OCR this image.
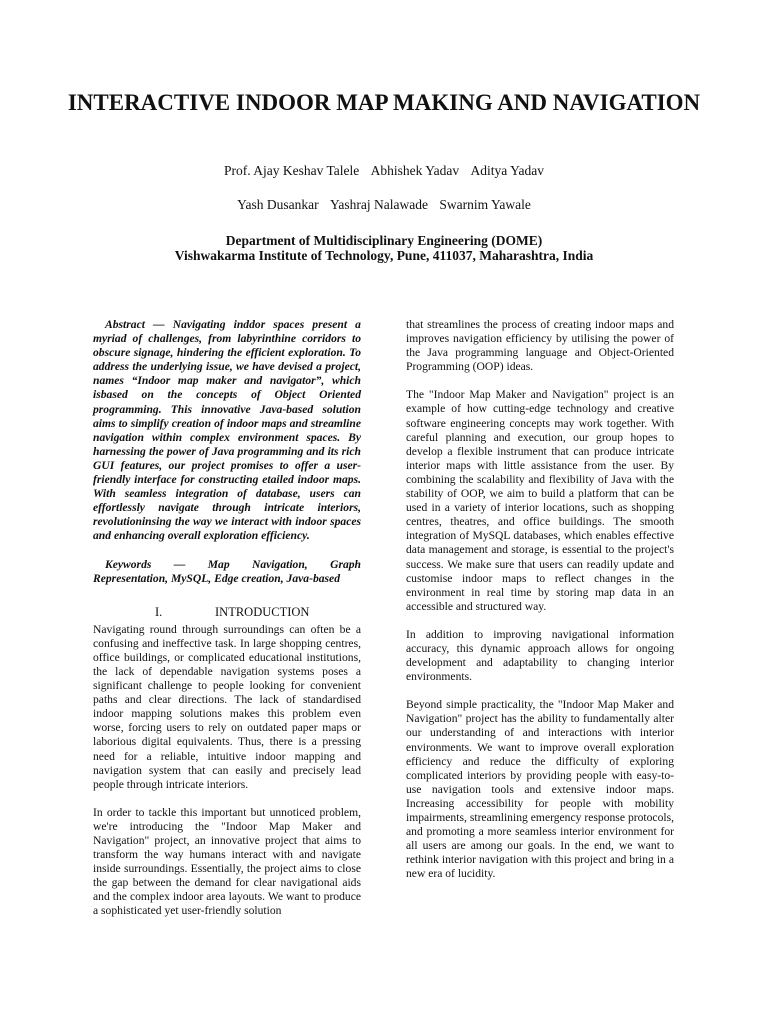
INTERACTIVE INDOOR MAP MAKING AND NAVIGATION
Prof. Ajay Keshav Talele Abhishek Yadav Aditya Yadav
Yash Dusankar Yashraj Nalawade Swarnim Yawale
Department of Multidisciplinary Engineering (DOME)
Vishwakarma Institute of Technology, Pune, 411037, Maharashtra, India

Abstract — Navigating inddor spaces present a myriad of challenges, from labyrinthine corridors to obscure signage, hindering the efficient exploration. To address the underlying issue, we have devised a project, names “Indoor map maker and navigator”, which isbased on the concepts of Object Oriented programming. This innovative Java-based solution aims to simplify creation of indoor maps and streamline navigation within complex environment spaces. By harnessing the power of Java programming and its rich GUI features, our project promises to offer a user-friendly interface for constructing etailed indoor maps. With seamless integration of database, users can effortlessly navigate through intricate interiors, revolutioninsing the way we interact with indoor spaces and enhancing overall exploration efficiency.

Keywords — Map Navigation, Graph Representation, MySQL, Edge creation, Java-based

I.	INTRODUCTION

Navigating round through surroundings can often be a confusing and ineffective task. In large shopping centres, office buildings, or complicated educational institutions, the lack of dependable navigation systems poses a significant challenge to people looking for convenient paths and clear directions. The lack of standardised indoor mapping solutions makes this problem even worse, forcing users to rely on outdated paper maps or laborious digital equivalents. Thus, there is a pressing need for a reliable, intuitive indoor mapping and navigation system that can easily and precisely lead people through intricate interiors.

In order to tackle this important but unnoticed problem, we're introducing the "Indoor Map Maker and Navigation" project, an innovative project that aims to transform the way humans interact with and navigate inside surroundings. Essentially, the project aims to close the gap between the demand for clear navigational aids and the complex indoor area layouts. We want to produce a sophisticated yet user-friendly solution

that streamlines the process of creating indoor maps and improves navigation efficiency by utilising the power of the Java programming language and Object-Oriented Programming (OOP) ideas.

The "Indoor Map Maker and Navigation" project is an example of how cutting-edge technology and creative software engineering concepts may work together. With careful planning and execution, our group hopes to develop a flexible instrument that can produce intricate interior maps with little assistance from the user. By combining the scalability and flexibility of Java with the stability of OOP, we aim to build a platform that can be used in a variety of interior locations, such as shopping centres, theatres, and office buildings. The smooth integration of MySQL databases, which enables effective data management and storage, is essential to the project's success. We make sure that users can readily update and customise indoor maps to reflect changes in the environment in real time by storing map data in an accessible and structured way.

In addition to improving navigational information accuracy, this dynamic approach allows for ongoing development and adaptability to changing interior environments.

Beyond simple practicality, the "Indoor Map Maker and Navigation" project has the ability to fundamentally alter our understanding of and interactions with interior environments. We want to improve overall exploration efficiency and reduce the difficulty of exploring complicated interiors by providing people with easy-to-use navigation tools and extensive indoor maps. Increasing accessibility for people with mobility impairments, streamlining emergency response protocols, and promoting a more seamless interior environment for all users are among our goals. In the end, we want to rethink interior navigation with this project and bring in a new era of lucidity.
